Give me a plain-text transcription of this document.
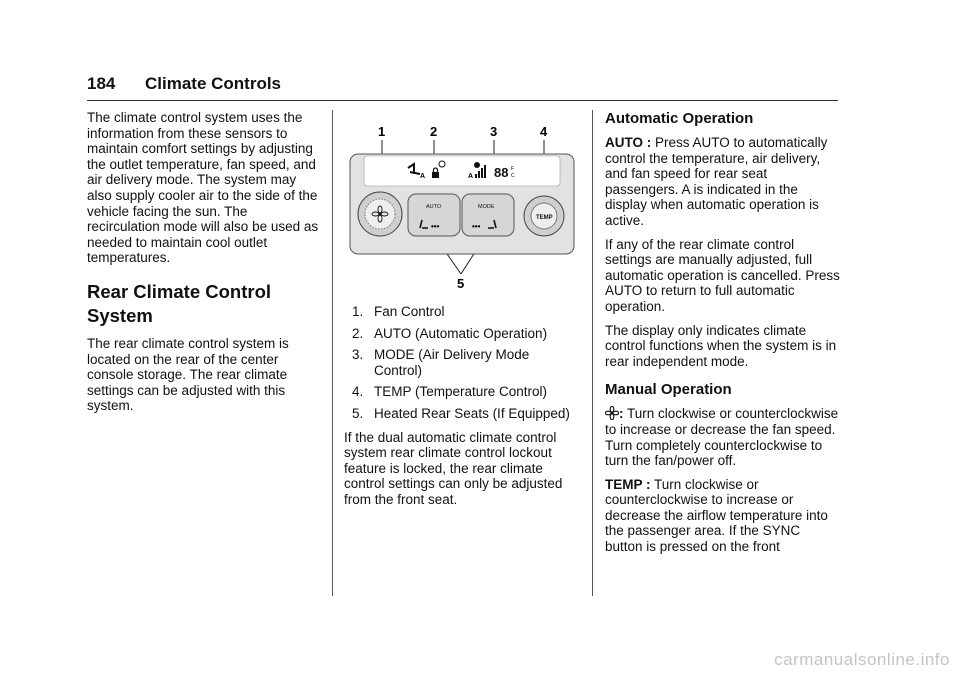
184 Climate Controls

The climate control system uses the information from these sensors to maintain comfort settings by adjusting the outlet temperature, fan speed, and air delivery mode. The system may also supply cooler air to the side of the vehicle facing the sun. The recirculation mode will also be used as needed to maintain cool outlet temperatures.

Rear Climate Control System

The rear climate control system is located on the rear of the center console storage. The rear climate settings can be adjusted with this system.

1	2	3	4
5
A	A 88 F
C
AUTO
•••
MODE
•••
TEMP
1. Fan Control
2. AUTO (Automatic Operation)
3. MODE (Air Delivery Mode Control)
4. TEMP (Temperature Control)
5. Heated Rear Seats (If Equipped)

If the dual automatic climate control system rear climate control lockout feature is locked, the rear climate control settings can only be adjusted from the front seat.

Automatic Operation

AUTO : Press AUTO to automatically control the temperature, air delivery, and fan speed for rear seat passengers. A is indicated in the display when automatic operation is active.

If any of the rear climate control settings are manually adjusted, full automatic operation is cancelled. Press AUTO to return to full automatic operation.

The display only indicates climate control functions when the system is in rear independent mode.

Manual Operation

: Turn clockwise or counterclockwise to increase or decrease the fan speed. Turn completely counterclockwise to turn the fan/power off.

TEMP : Turn clockwise or counterclockwise to increase or decrease the airflow temperature into the passenger area. If the SYNC button is pressed on the front

carmanualsonline.info
